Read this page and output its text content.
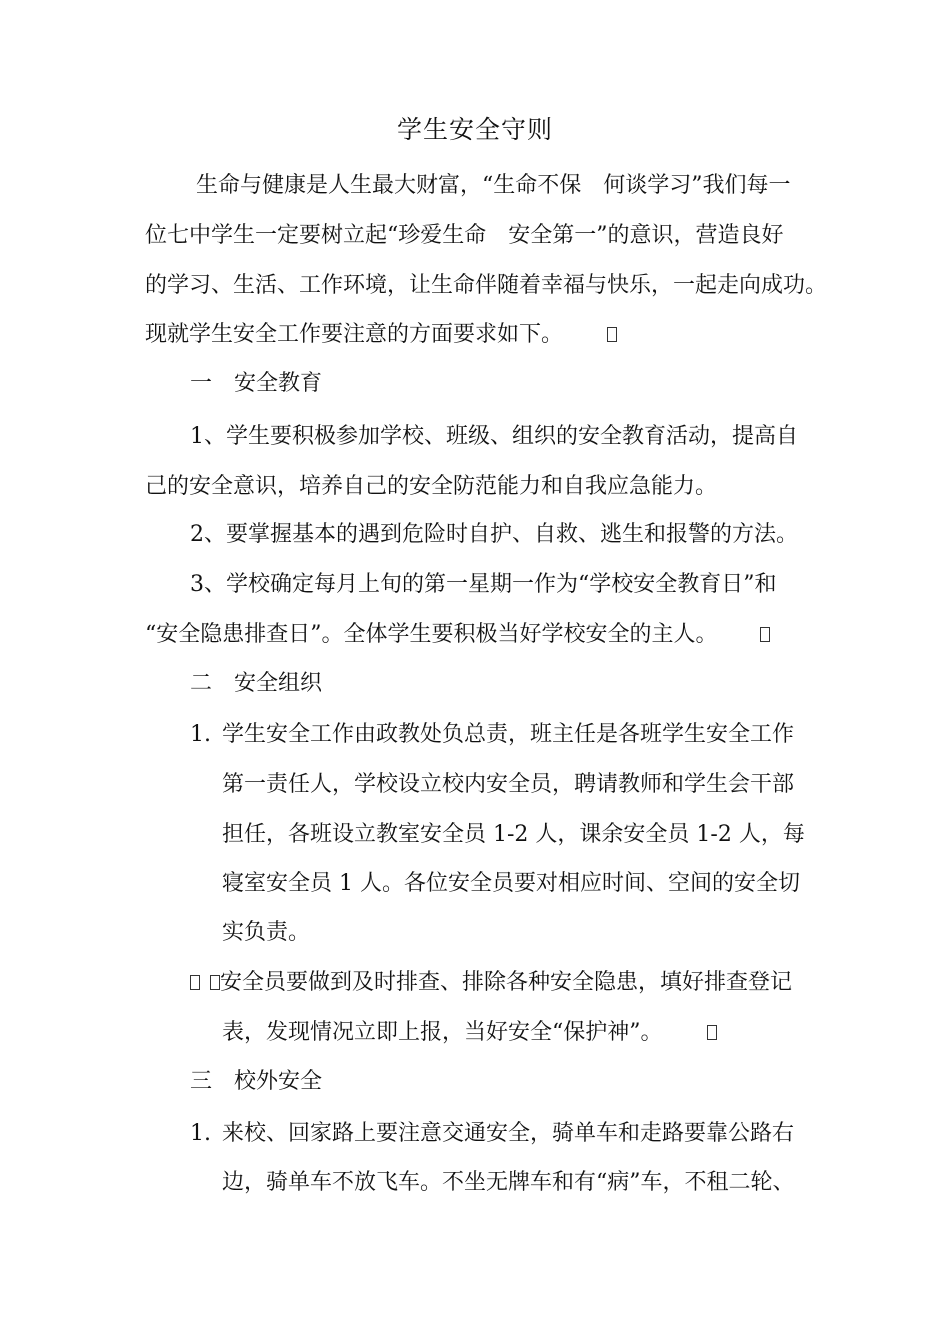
学生安全守则
生命与健康是人生最大财富，“生命不保　何谈学习”我们每一
位七中学生一定要树立起“珍爱生命　安全第一”的意识，营造良好
的学习、生活、工作环境，让生命伴随着幸福与快乐，一起走向成功。
现就学生安全工作要注意的方面要求如下。
一　安全教育
1、学生要积极参加学校、班级、组织的安全教育活动，提高自
己的安全意识，培养自己的安全防范能力和自我应急能力。
2、要掌握基本的遇到危险时自护、自救、逃生和报警的方法。
3、学校确定每月上旬的第一星期一作为“学校安全教育日”和
“安全隐患排查日”。全体学生要积极当好学校安全的主人。
二　安全组织
1. 学生安全工作由政教处负总责，班主任是各班学生安全工作
第一责任人，学校设立校内安全员，聘请教师和学生会干部
担任，各班设立教室安全员 1-2 人，课余安全员 1-2 人，每
寝室安全员 1 人。各位安全员要对相应时间、空间的安全切
实负责。
安全员要做到及时排查、排除各种安全隐患，填好排查登记
表，发现情况立即上报，当好安全“保护神”。
三　校外安全
1. 来校、回家路上要注意交通安全，骑单车和走路要靠公路右
边，骑单车不放飞车。不坐无牌车和有“病”车，不租二轮、
